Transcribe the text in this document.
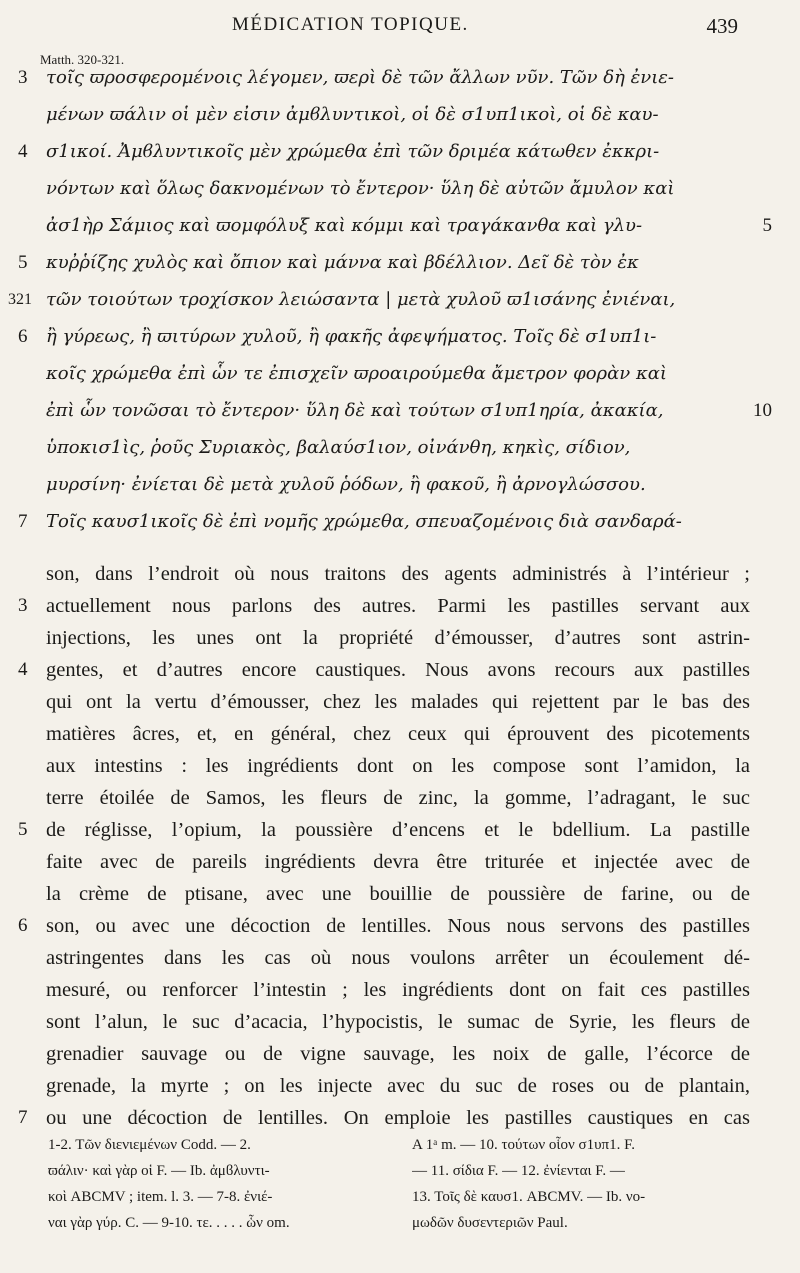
MÉDICATION TOPIQUE.	439
Matth. 320-321.
3 τοῖς ϖροσφερομένοις λέγομεν, ϖερὶ δὲ τῶν ἄλλων νῦν. Τῶν δὴ ἐνιε-
μένων ϖάλιν οἱ μὲν εἰσιν ἀμϐλυντικοὶ, οἱ δὲ σ1υπ1ικοὶ, οἱ δὲ καυ-
4 σ1ικοί. Ἀμϐλυντικοῖς μὲν χρώμεθα ἐπὶ τῶν δριμέα κάτωθεν ἐκκρι-
νόντων καὶ ὅλως δακνομένων τὸ ἔντερον· ὕλη δὲ αὐτῶν ἄμυλον καὶ
ἀσ1ὴρ Σάμιος καὶ ϖομφόλυξ καὶ κόμμι καὶ τραγάκανθα καὶ γλυ-	5
5 κυῤῥίζης χυλὸς καὶ ὄπιον καὶ μάννα καὶ βδέλλιον. Δεῖ δὲ τὸν ἐκ
321 τῶν τοιούτων τροχίσκον λειώσαντα | μετὰ χυλοῦ ϖ1ισάνης ἐνιέναι,
6 ἢ γύρεως, ἢ ϖιτύρων χυλοῦ, ἢ φακῆς ἀφεψήματος. Τοῖς δὲ σ1υπ1ι-
κοῖς χρώμεθα ἐπὶ ὧν τε ἐπισχεῖν ϖροαιρούμεθα ἄμετρον φορὰν καὶ
ἐπὶ ὧν τονῶσαι τὸ ἔντερον· ὕλη δὲ καὶ τούτων σ1υπ1ηρία, ἀκακία,	10
ὑποκισ1ὶς, ῥοῦς Συριακὸς, βαλαύσ1ιον, οἰνάνθη, κηκὶς, σίδιον,
μυρσίνη· ἐνίεται δὲ μετὰ χυλοῦ ῥόδων, ἢ φακοῦ, ἢ ἀρνογλώσσου.
7 Τοῖς καυσ1ικοῖς δὲ ἐπὶ νομῆς χρώμεθα, σπευαζομένοις διὰ σανδαρά-
son, dans l’endroit où nous traitons des agents administrés à l’intérieur ;
3 actuellement nous parlons des autres. Parmi les pastilles servant aux
injections, les unes ont la propriété d’émousser, d’autres sont astrin-
4 gentes, et d’autres encore caustiques. Nous avons recours aux pastilles
qui ont la vertu d’émousser, chez les malades qui rejettent par le bas des
matières âcres, et, en général, chez ceux qui éprouvent des picotements
aux intestins : les ingrédients dont on les compose sont l’amidon, la
terre étoilée de Samos, les fleurs de zinc, la gomme, l’adragant, le suc
5 de réglisse, l’opium, la poussière d’encens et le bdellium. La pastille
faite avec de pareils ingrédients devra être triturée et injectée avec de
la crème de ptisane, avec une bouillie de poussière de farine, ou de
6 son, ou avec une décoction de lentilles. Nous nous servons des pastilles
astringentes dans les cas où nous voulons arrêter un écoulement dé-
mesuré, ou renforcer l’intestin ; les ingrédients dont on fait ces pastilles
sont l’alun, le suc d’acacia, l’hypocistis, le sumac de Syrie, les fleurs de
grenadier sauvage ou de vigne sauvage, les noix de galle, l’écorce de
grenade, la myrte ; on les injecte avec du suc de roses ou de plantain,
7 ou une décoction de lentilles. On emploie les pastilles caustiques en cas
1-2. Τῶν διενιεμένων Codd. — 2.
ϖάλιν· καὶ γὰρ οἱ F. — Ib. ἀμϐλυντι-
κοὶ ABCMV ; item. l. 3. — 7-8. ἐνιέ-
ναι γὰρ γύρ. C. — 9-10. τε. . . . . ὧν om.
A 1ᵃ m. — 10. τούτων οἷον σ1υπ1. F.
— 11. σίδια F. — 12. ἐνίενται F. —
13. Τοῖς δὲ καυσ1. ABCMV. — Ib. νο-
μωδῶν δυσεντεριῶν Paul.
